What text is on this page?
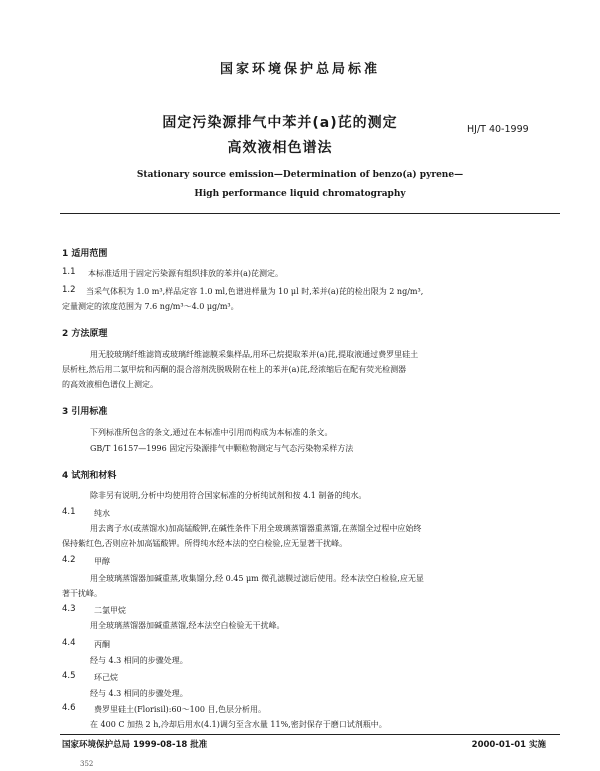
国家环境保护总局标准
固定污染源排气中苯并(a)芘的测定
高效液相色谱法
HJ/T 40-1999
Stationary source emission—Determination of benzo(a) pyrene—
High performance liquid chromatography
1 适用范围
1.1 本标准适用于固定污染源有组织排放的苯并(a)芘测定。
1.2 当采气体积为 1.0 m³,样品定容 1.0 ml,色谱进样量为 10 μl 时,苯并(a)芘的检出限为 2 ng/m³,
定量测定的浓度范围为 7.6 ng/m³～4.0 μg/m³。
2 方法原理
用无胶玻璃纤维滤筒或玻璃纤维滤膜采集样品,用环己烷提取苯并(a)芘,提取液通过费罗里硅土
层析柱,然后用二氯甲烷和丙酮的混合溶剂洗脱吸附在柱上的苯并(a)芘,经浓缩后在配有荧光检测器
的高效液相色谱仪上测定。
3 引用标准
下列标准所包含的条文,通过在本标准中引用而构成为本标准的条文。
GB/T 16157—1996 固定污染源排气中颗粒物测定与气态污染物采样方法
4 试剂和材料
除非另有说明,分析中均使用符合国家标准的分析纯试剂和按 4.1 制备的纯水。
4.1 纯水
用去离子水(或蒸馏水)加高锰酸钾,在碱性条件下用全玻璃蒸馏器重蒸馏,在蒸馏全过程中应始终
保持紫红色,否则应补加高锰酸钾。所得纯水经本法的空白检验,应无显著干扰峰。
4.2 甲醇
用全玻璃蒸馏器加碱重蒸,收集馏分,经 0.45 μm 微孔滤膜过滤后使用。经本法空白检验,应无显
著干扰峰。
4.3 二氯甲烷
用全玻璃蒸馏器加碱重蒸馏,经本法空白检验无干扰峰。
4.4 丙酮
经与 4.3 相同的步骤处理。
4.5 环己烷
经与 4.3 相同的步骤处理。
4.6 费罗里硅土(Florisil):60～100 目,色层分析用。
在 400 C 加热 2 h,冷却后用水(4.1)调匀至含水量 11%,密封保存于磨口试剂瓶中。
国家环境保护总局 1999-08-18 批准	2000-01-01 实施
352
